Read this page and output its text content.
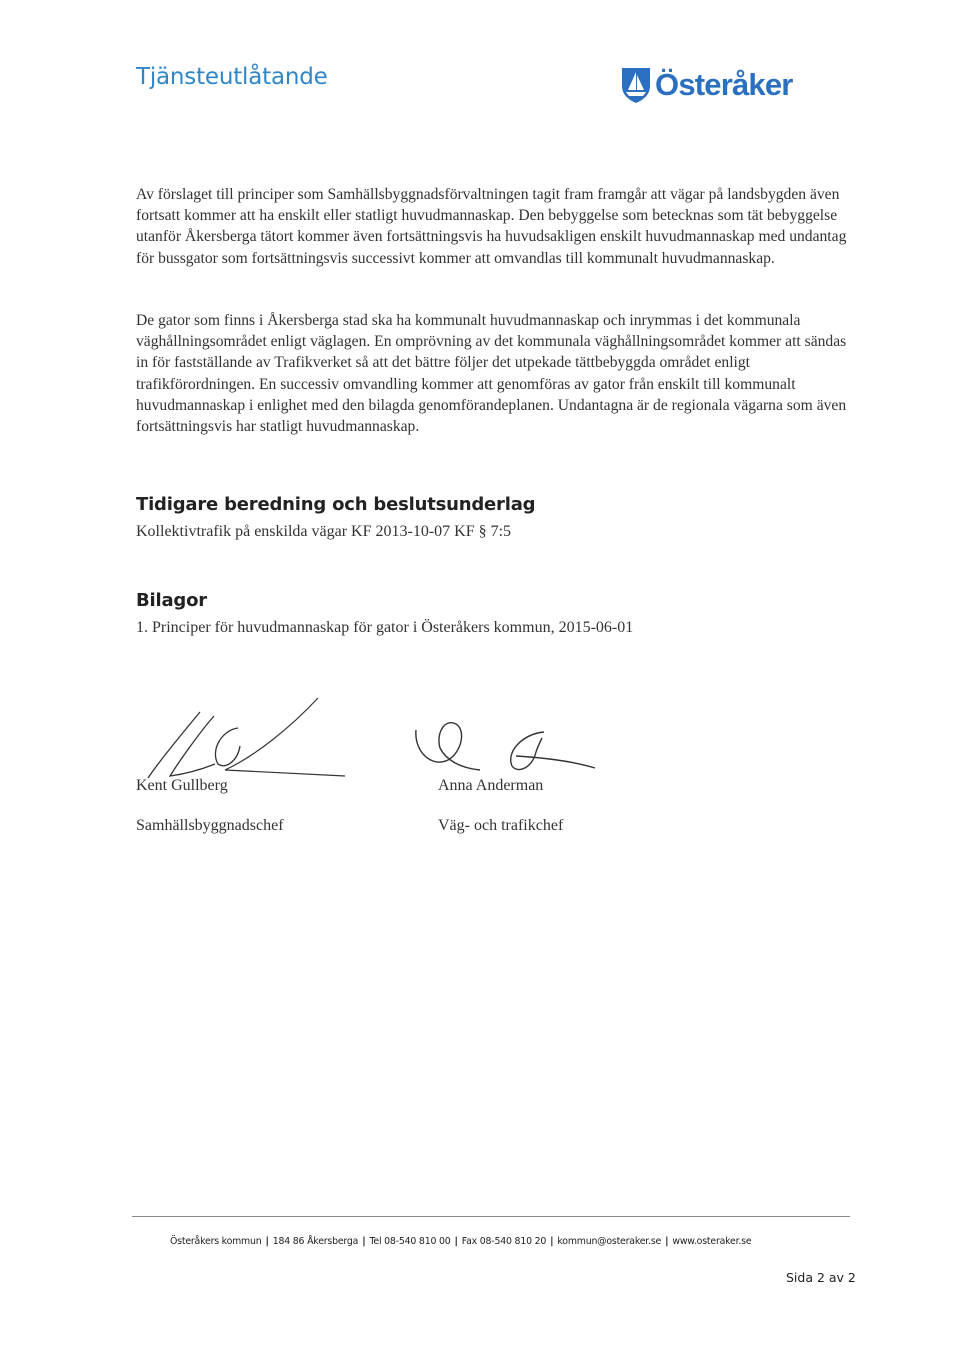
Tjänsteutlåtande	Österåker

Av förslaget till principer som Samhällsbyggnadsförvaltningen tagit fram framgår att vägar på landsbygden även fortsatt kommer att ha enskilt eller statligt huvudmannaskap. Den bebyggelse som betecknas som tät bebyggelse utanför Åkersberga tätort kommer även fortsättningsvis ha huvudsakligen enskilt huvudmannaskap med undantag för bussgator som fortsättningsvis successivt kommer att omvandlas till kommunalt huvudmannaskap.

De gator som finns i Åkersberga stad ska ha kommunalt huvudmannaskap och inrymmas i det kommunala väghållningsområdet enligt väglagen. En omprövning av det kommunala väghållningsområdet kommer att sändas in för fastställande av Trafikverket så att det bättre följer det utpekade tättbebyggda området enligt trafikförordningen. En successiv omvandling kommer att genomföras av gator från enskilt till kommunalt huvudmannaskap i enlighet med den bilagda genomförandeplanen. Undantagna är de regionala vägarna som även fortsättningsvis har statligt huvudmannaskap.

Tidigare beredning och beslutsunderlag
Kollektivtrafik på enskilda vägar KF 2013-10-07 KF § 7:5
Bilagor
1. Principer för huvudmannaskap för gator i Österåkers kommun, 2015-06-01
Kent Gullberg	Anna Anderman
Samhällsbyggnadschef	Väg- och trafikchef
Österåkers kommun | 184 86 Åkersberga | Tel 08-540 810 00 | Fax 08-540 810 20 | kommun@osteraker.se | www.osteraker.se
Sida 2 av 2
